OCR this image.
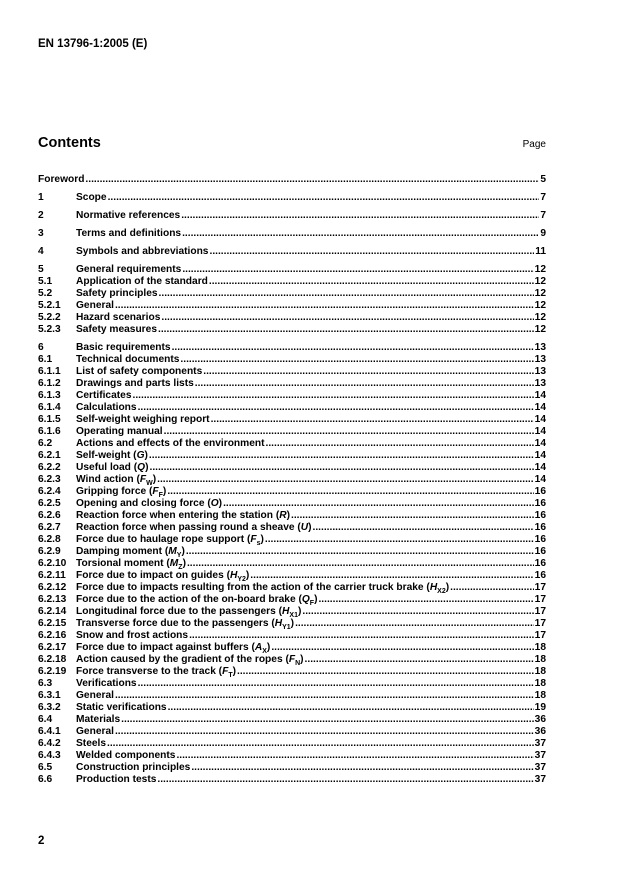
EN 13796-1:2005 (E)
Contents	Page
Foreword .....	5
1	Scope .....	7
2	Normative references .....	7
3	Terms and definitions .....	9
4	Symbols and abbreviations .....	11
5	General requirements .....	12
5.1	Application of the standard .....	12
5.2	Safety principles .....	12
5.2.1	General .....	12
5.2.2	Hazard scenarios .....	12
5.2.3	Safety measures .....	12
6	Basic requirements .....	13
6.1	Technical documents .....	13
6.1.1	List of safety components .....	13
6.1.2	Drawings and parts lists .....	13
6.1.3	Certificates .....	14
6.1.4	Calculations .....	14
6.1.5	Self-weight weighing report .....	14
6.1.6	Operating manual .....	14
6.2	Actions and effects of the environment .....	14
6.2.1	Self-weight (G) .....	14
6.2.2	Useful load (Q) .....	14
6.2.3	Wind action $(F_W)$ .....	14
6.2.4	Gripping force $(F_F)$ .....	16
6.2.5	Opening and closing force (O) .....	16
6.2.6	Reaction force when entering the station (R) .....	16
6.2.7	Reaction force when passing round a sheave (U) .....	16
6.2.8	Force due to haulage rope support $(F_s)$ .....	16
6.2.9	Damping moment $(M_Y)$ .....	16
6.2.10 Torsional moment $(M_Z)$ .....	16
6.2.11	Force due to impact on guides $(H_{Y2})$ .....	16
6.2.12 Force due to impacts resulting from the action of the carrier truck brake $(H_{X2})$ .....	17
6.2.13 Force due to the action of the on-board brake $(Q_F)$ .....	17
6.2.14 Longitudinal force due to the passengers $(H_{X1})$ .....	17
6.2.15 Transverse force due to the passengers $(H_{Y1})$ .....	17
6.2.16 Snow and frost actions .....	17
6.2.17 Force due to impact against buffers $(A_X)$ .....	18
6.2.18 Action caused by the gradient of the ropes $(F_N)$ .....	18
6.2.19 Force transverse to the track $(F_T)$ .....	18
6.3	Verifications .....	18
6.3.1	General .....	18
6.3.2	Static verifications .....	19
6.4	Materials .....	36
6.4.1	General .....	36
6.4.2	Steels .....	37
6.4.3	Welded components .....	37
6.5	Construction principles .....	37
6.6	Production tests .....	37
2
